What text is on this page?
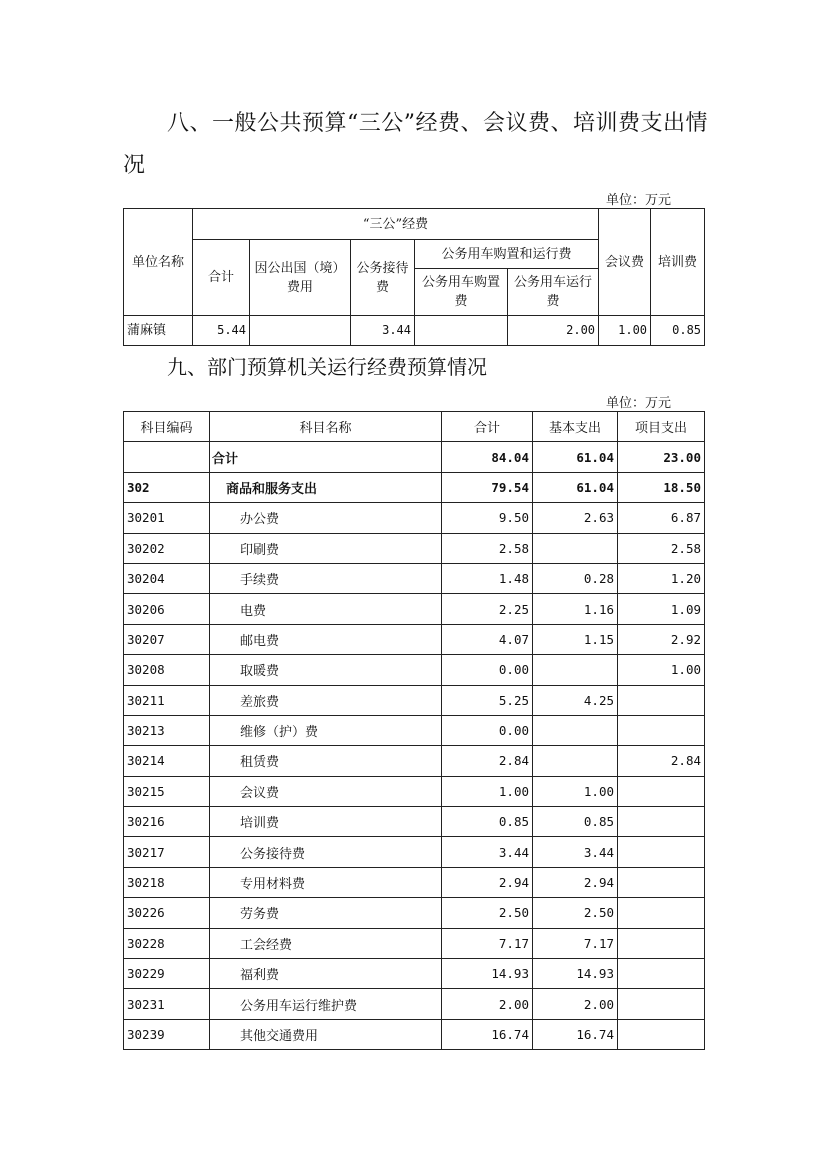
八、一般公共预算“三公”经费、会议费、培训费支出情况
单位：万元
单位名称	“三公”经费					会议费	培训费
	合计	因公出国（境）费用	公务接待费	公务用车购置和运行费			
				公务用车购置费	公务用车运行费		
蒲麻镇	5.44		3.44		2.00	1.00	0.85
九、部门预算机关运行经费预算情况
单位：万元
科目编码	科目名称	合计	基本支出	项目支出
	合计	84.04	61.04	23.00
302	商品和服务支出	79.54	61.04	18.50
30201	办公费	9.50	2.63	6.87
30202	印刷费	2.58		2.58
30204	手续费	1.48	0.28	1.20
30206	电费	2.25	1.16	1.09
30207	邮电费	4.07	1.15	2.92
30208	取暖费	0.00		1.00
30211	差旅费	5.25	4.25	
30213	维修（护）费	0.00		
30214	租赁费	2.84		2.84
30215	会议费	1.00	1.00	
30216	培训费	0.85	0.85	
30217	公务接待费	3.44	3.44	
30218	专用材料费	2.94	2.94	
30226	劳务费	2.50	2.50	
30228	工会经费	7.17	7.17	
30229	福利费	14.93	14.93	
30231	公务用车运行维护费	2.00	2.00	
30239	其他交通费用	16.74	16.74	
